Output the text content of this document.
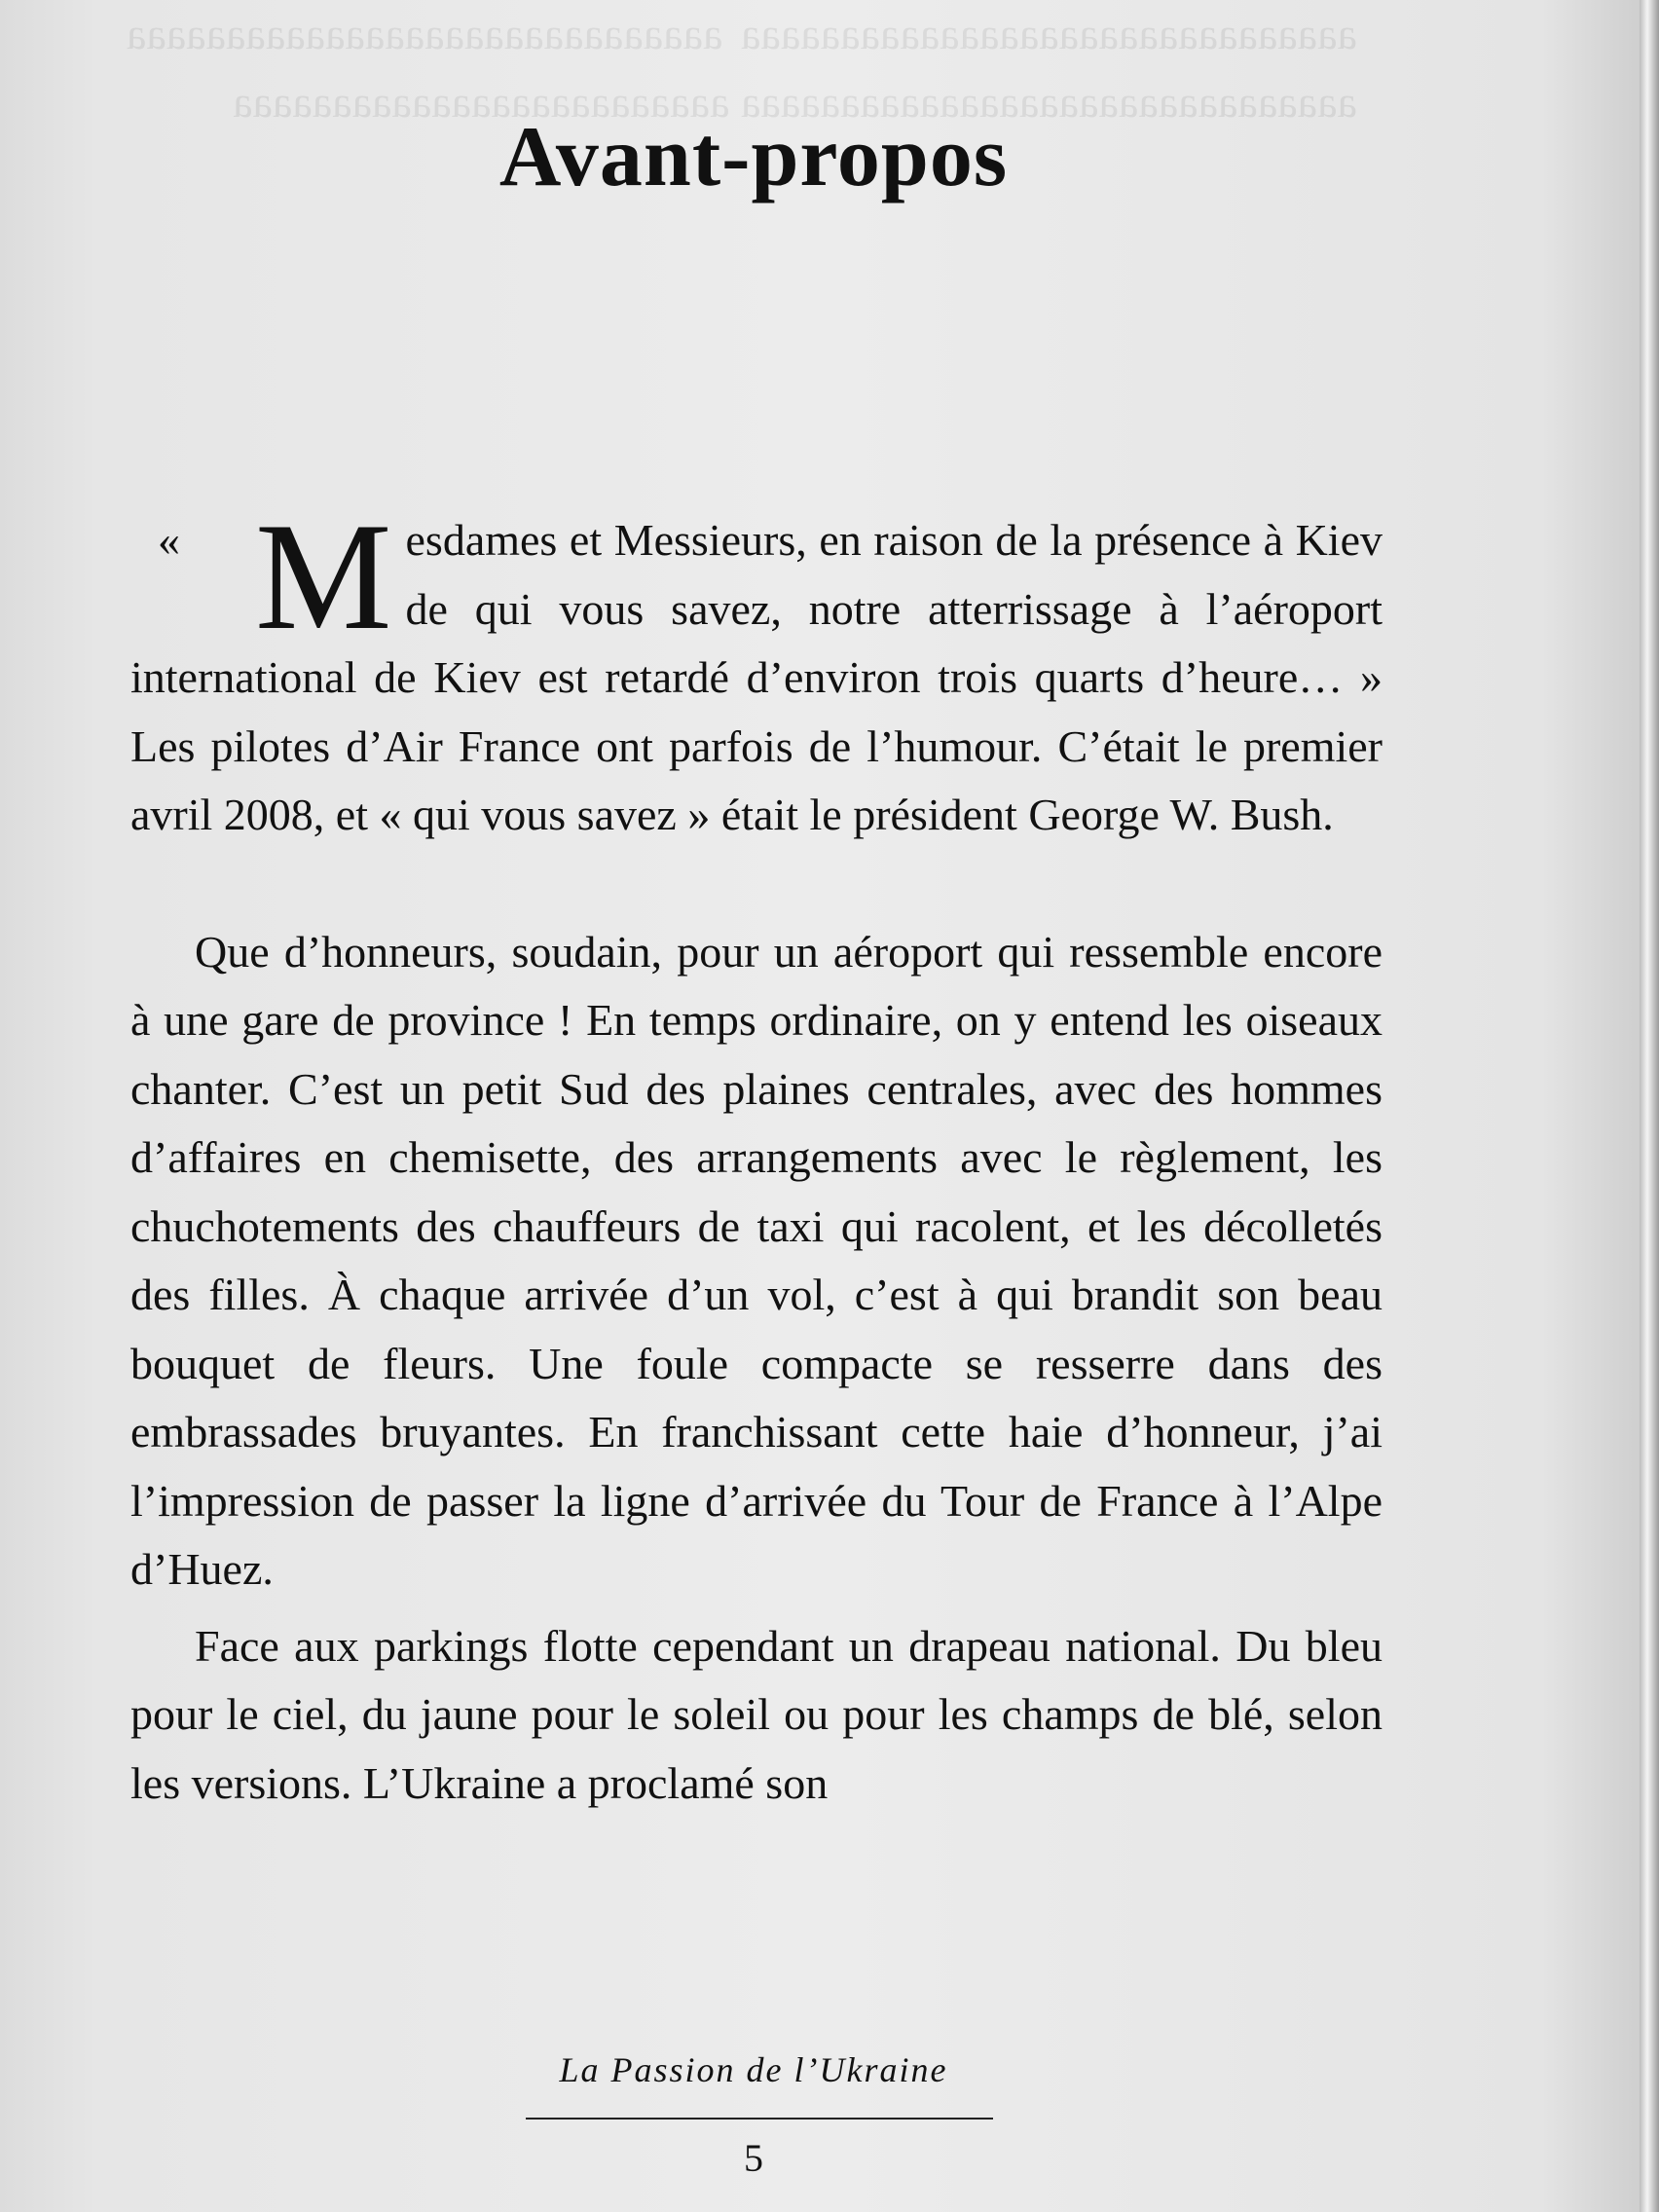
aaaaaaaaaaaaaaaaaaaaaaaaaaaaaaa aaaaaaaaaaaaaaaaaaaaaaaaaaaaaa aaaaaaaaaaaaaaaaaaaaaaaaaaaaaaa aaaaaaaaaaaaaaaaaaaaaaaaa
Avant-propos

« M esdames et Messieurs, en raison de la présence à Kiev de qui vous savez, notre atterrissage à l’aéroport international de Kiev est retardé d’environ trois quarts d’heure… » Les pilotes d’Air France ont parfois de l’humour. C’était le premier avril 2008, et « qui vous savez » était le président George W. Bush.

Que d’honneurs, soudain, pour un aéroport qui ressemble encore à une gare de province ! En temps ordinaire, on y entend les oiseaux chanter. C’est un petit Sud des plaines centrales, avec des hommes d’affaires en chemisette, des arrangements avec le règlement, les chuchotements des chauffeurs de taxi qui racolent, et les décolletés des filles. À chaque arrivée d’un vol, c’est à qui brandit son beau bouquet de fleurs. Une foule compacte se resserre dans des embrassades bruyantes. En franchissant cette haie d’honneur, j’ai l’impression de passer la ligne d’arrivée du Tour de France à l’Alpe d’Huez.

Face aux parkings flotte cependant un drapeau national. Du bleu pour le ciel, du jaune pour le soleil ou pour les champs de blé, selon les versions. L’Ukraine a proclamé son

La Passion de l’Ukraine
5
